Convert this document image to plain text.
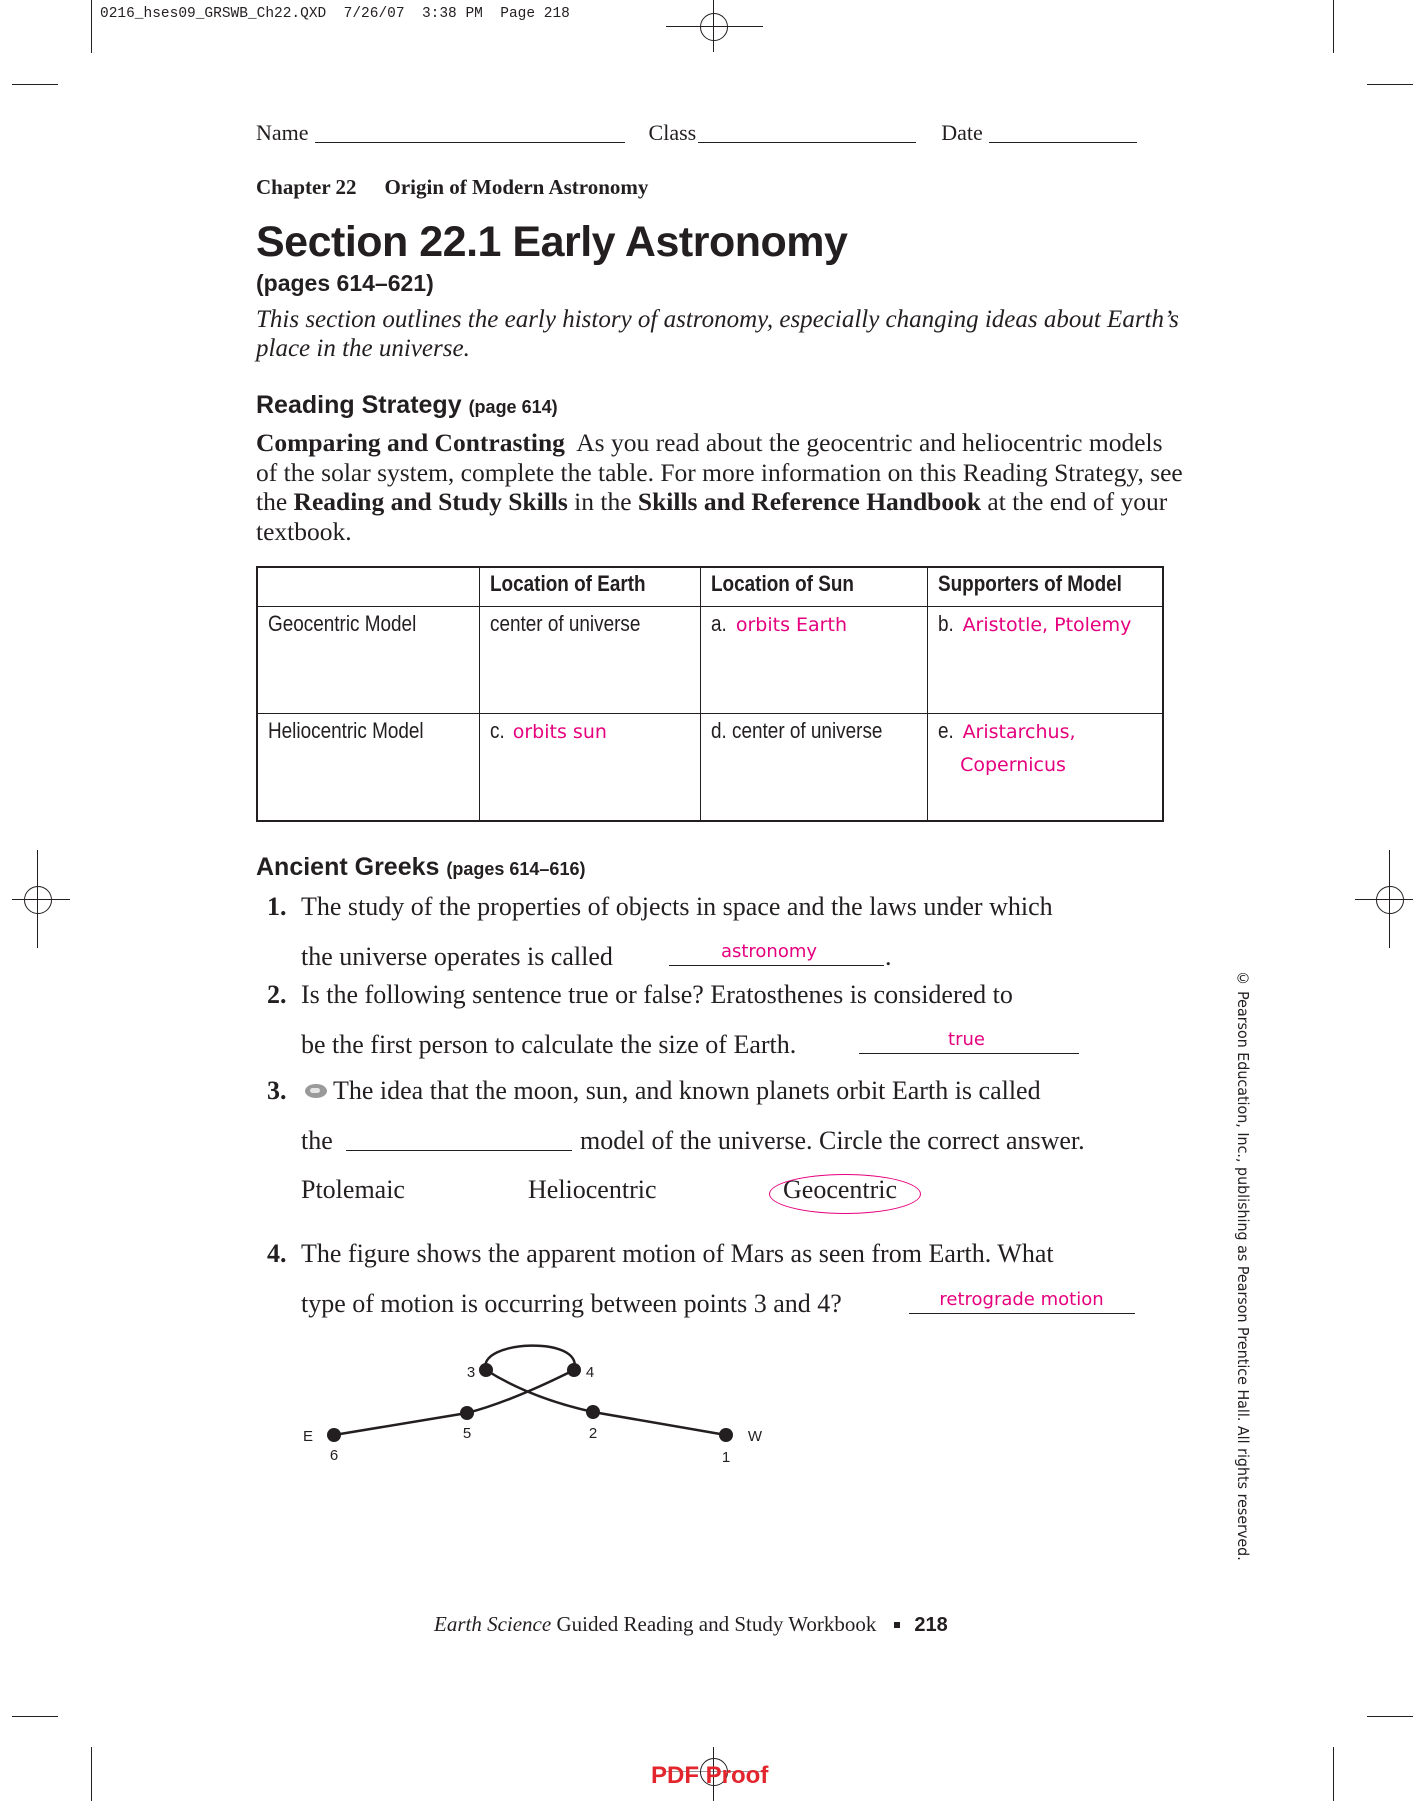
0216_hses09_GRSWB_Ch22.QXD  7/26/07  3:38 PM  Page 218
Name	Class	Date
Chapter 22 Origin of Modern Astronomy
Section 22.1 Early Astronomy
(pages 614–621)
This section outlines the early history of astronomy, especially changing ideas about Earth’s place in the universe.
Reading Strategy (page 614)
Comparing and Contrasting  As you read about the geocentric and heliocentric models of the solar system, complete the table. For more information on this Reading Strategy, see the Reading and Study Skills in the Skills and Reference Handbook at the end of your textbook.
	Location of Earth	Location of Sun	Supporters of Model
Geocentric Model	center of universe	a. orbits Earth	b. Aristotle, Ptolemy
Heliocentric Model	c. orbits sun	d. center of universe	e. Aristarchus,
Copernicus
Ancient Greeks (pages 614–616)
1. The study of the properties of objects in space and the laws under which
the universe operates is called	astronomy	.
2. Is the following sentence true or false? Eratosthenes is considered to
be the first person to calculate the size of Earth.	true
3. The idea that the moon, sun, and known planets orbit Earth is called
the	model of the universe. Circle the correct answer.
Ptolemaic	Heliocentric	Geocentric
4. The figure shows the apparent motion of Mars as seen from Earth. What
type of motion is occurring between points 3 and 4?	retrograde motion
1
2
3	4
5
6
E	W
Earth Science Guided Reading and Study Workbook 218
© Pearson Education, Inc., publishing as Pearson Prentice Hall. All rights reserved.
PDF Proof
